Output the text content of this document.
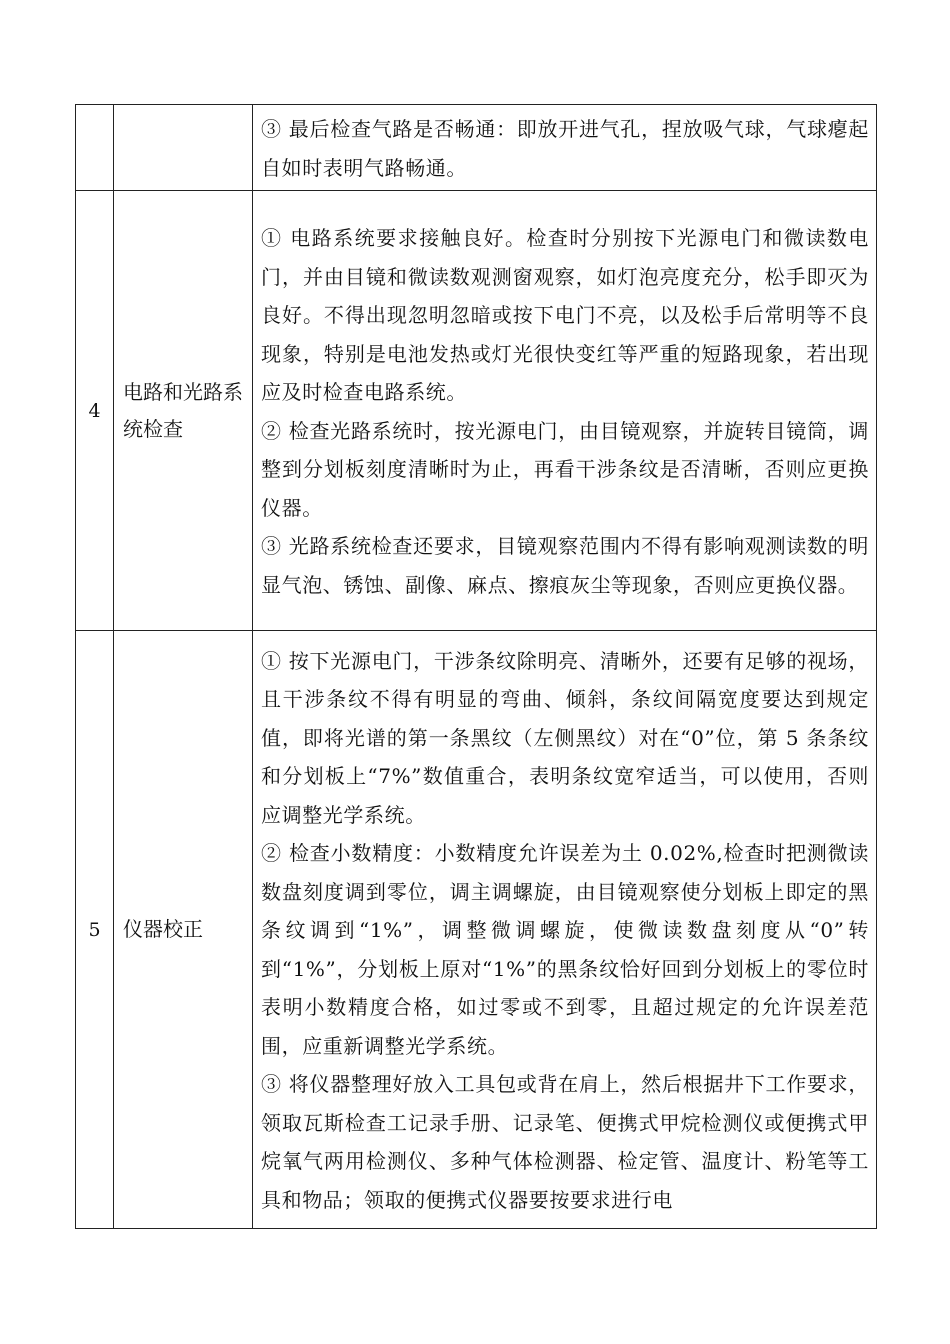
		③ 最后检查气路是否畅通：即放开进气孔，捏放吸气球，气球瘪起自如时表明气路畅通。

4	电路和光路系统检查	① 电路系统要求接触良好。检查时分别按下光源电门和微读数电门，并由目镜和微读数观测窗观察，如灯泡亮度充分，松手即灭为良好。不得出现忽明忽暗或按下电门不亮，以及松手后常明等不良现象，特别是电池发热或灯光很快变红等严重的短路现象，若出现应及时检查电路系统。
② 检查光路系统时，按光源电门，由目镜观察，并旋转目镜筒，调整到分划板刻度清晰时为止，再看干涉条纹是否清晰，否则应更换仪器。
③ 光路系统检查还要求，目镜观察范围内不得有影响观测读数的明显气泡、锈蚀、副像、麻点、擦痕灰尘等现象，否则应更换仪器。

5	仪器校正	① 按下光源电门，干涉条纹除明亮、清晰外，还要有足够的视场，且干涉条纹不得有明显的弯曲、倾斜，条纹间隔宽度要达到规定值，即将光谱的第一条黑纹（左侧黑纹）对在“0”位，第 5 条条纹和分划板上“7%”数值重合，表明条纹宽窄适当，可以使用，否则应调整光学系统。
② 检查小数精度：小数精度允许误差为土 0.02%,检查时把测微读数盘刻度调到零位，调主调螺旋，由目镜观察使分划板上即定的黑条纹调到“1%”，调整微调螺旋，使微读数盘刻度从“0”转到“1%”，分划板上原对“1%”的黑条纹恰好回到分划板上的零位时表明小数精度合格，如过零或不到零，且超过规定的允许误差范围，应重新调整光学系统。
③ 将仪器整理好放入工具包或背在肩上，然后根据井下工作要求，领取瓦斯检查工记录手册、记录笔、便携式甲烷检测仪或便携式甲烷氧气两用检测仪、多种气体检测器、检定管、温度计、粉笔等工具和物品；领取的便携式仪器要按要求进行电
